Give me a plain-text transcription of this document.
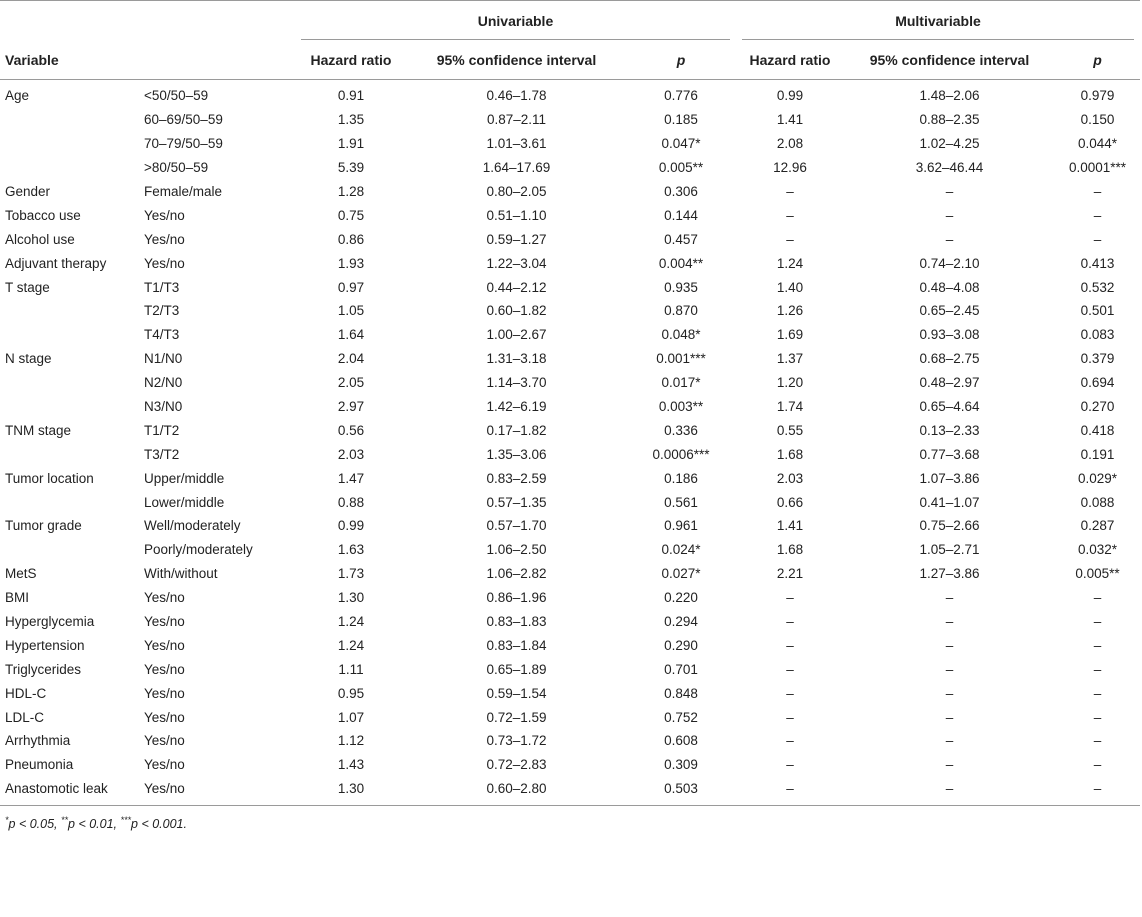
		Univariable			Multivariable		

Variable		Hazard ratio	95% confidence interval	p	Hazard ratio	95% confidence interval	p
Age	<50/50–59	0.91	0.46–1.78	0.776	0.99	1.48–2.06	0.979
	60–69/50–59	1.35	0.87–2.11	0.185	1.41	0.88–2.35	0.150
	70–79/50–59	1.91	1.01–3.61	0.047*	2.08	1.02–4.25	0.044*
	>80/50–59	5.39	1.64–17.69	0.005**	12.96	3.62–46.44	0.0001***
Gender	Female/male	1.28	0.80–2.05	0.306	–	–	–
Tobacco use	Yes/no	0.75	0.51–1.10	0.144	–	–	–
Alcohol use	Yes/no	0.86	0.59–1.27	0.457	–	–	–
Adjuvant therapy	Yes/no	1.93	1.22–3.04	0.004**	1.24	0.74–2.10	0.413
T stage	T1/T3	0.97	0.44–2.12	0.935	1.40	0.48–4.08	0.532
	T2/T3	1.05	0.60–1.82	0.870	1.26	0.65–2.45	0.501
	T4/T3	1.64	1.00–2.67	0.048*	1.69	0.93–3.08	0.083
N stage	N1/N0	2.04	1.31–3.18	0.001***	1.37	0.68–2.75	0.379
	N2/N0	2.05	1.14–3.70	0.017*	1.20	0.48–2.97	0.694
	N3/N0	2.97	1.42–6.19	0.003**	1.74	0.65–4.64	0.270
TNM stage	T1/T2	0.56	0.17–1.82	0.336	0.55	0.13–2.33	0.418
	T3/T2	2.03	1.35–3.06	0.0006***	1.68	0.77–3.68	0.191
Tumor location	Upper/middle	1.47	0.83–2.59	0.186	2.03	1.07–3.86	0.029*
	Lower/middle	0.88	0.57–1.35	0.561	0.66	0.41–1.07	0.088
Tumor grade	Well/moderately	0.99	0.57–1.70	0.961	1.41	0.75–2.66	0.287
	Poorly/moderately	1.63	1.06–2.50	0.024*	1.68	1.05–2.71	0.032*
MetS	With/without	1.73	1.06–2.82	0.027*	2.21	1.27–3.86	0.005**
BMI	Yes/no	1.30	0.86–1.96	0.220	–	–	–
Hyperglycemia	Yes/no	1.24	0.83–1.83	0.294	–	–	–
Hypertension	Yes/no	1.24	0.83–1.84	0.290	–	–	–
Triglycerides	Yes/no	1.11	0.65–1.89	0.701	–	–	–
HDL-C	Yes/no	0.95	0.59–1.54	0.848	–	–	–
LDL-C	Yes/no	1.07	0.72–1.59	0.752	–	–	–
Arrhythmia	Yes/no	1.12	0.73–1.72	0.608	–	–	–
Pneumonia	Yes/no	1.43	0.72–2.83	0.309	–	–	–
Anastomotic leak	Yes/no	1.30	0.60–2.80	0.503	–	–	–
*p < 0.05, **p < 0.01, ***p < 0.001.
